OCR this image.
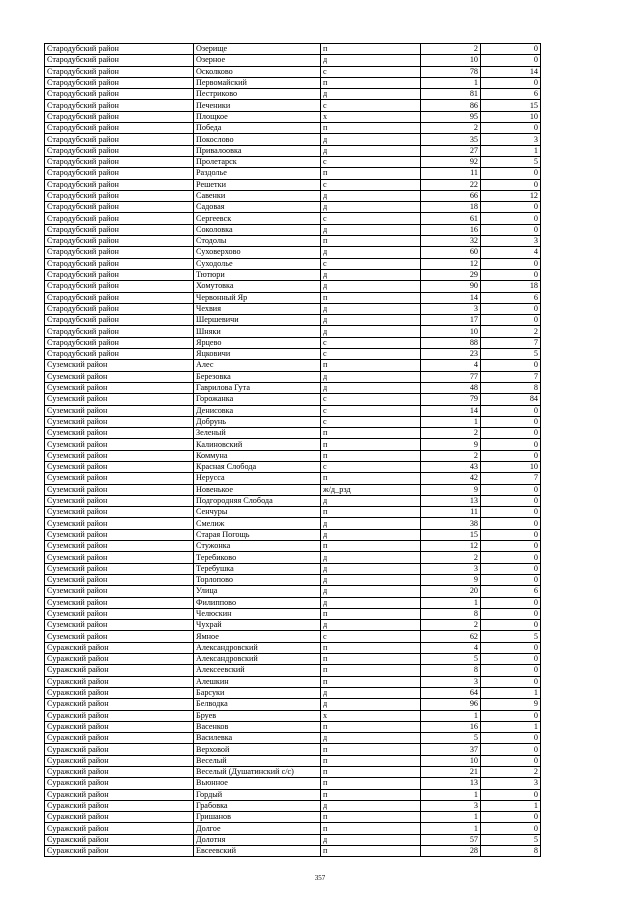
Стародубский район	Озерище	п	2	0
Стародубский район	Озерное	д	10	0
Стародубский район	Осколково	с	78	14
Стародубский район	Первомайский	п	1	0
Стародубский район	Пестриково	д	81	6
Стародубский район	Печеники	с	86	15
Стародубский район	Площкое	х	95	10
Стародубский район	Победа	п	2	0
Стародубский район	Покослово	д	35	3
Стародубский район	Привалоовка	д	27	1
Стародубский район	Пролетарск	с	92	5
Стародубский район	Раздолье	п	11	0
Стародубский район	Решетки	с	22	0
Стародубский район	Савенки	д	66	12
Стародубский район	Садовая	д	18	0
Стародубский район	Сергеевск	с	61	0
Стародубский район	Соколовка	д	16	0
Стародубский район	Стодолы	п	32	3
Стародубский район	Суховерхово	д	60	4
Стародубский район	Суходолье	с	12	0
Стародубский район	Тютюри	д	29	0
Стародубский район	Хомутовка	д	90	18
Стародубский район	Червонный Яр	п	14	6
Стародубский район	Чехвия	д	3	0
Стародубский район	Шершевичи	д	17	0
Стародубский район	Шняки	д	10	2
Стародубский район	Ярцево	с	88	7
Стародубский район	Яцковичи	с	23	5
Суземский район	Алес	п	4	0
Суземский район	Березовка	д	77	7
Суземский район	Гаврилова Гута	д	48	8
Суземский район	Горожанка	с	79	84
Суземский район	Денисовка	с	14	0
Суземский район	Добрунь	с	1	0
Суземский район	Зеленый	п	2	0
Суземский район	Калиновский	п	9	0
Суземский район	Коммуна	п	2	0
Суземский район	Красная Слобода	с	43	10
Суземский район	Нерусса	п	42	7
Суземский район	Новенькое	ж/д_рзд	9	0
Суземский район	Подгородняя Слобода	д	13	0
Суземский район	Сенчуры	п	11	0
Суземский район	Смелиж	д	38	0
Суземский район	Старая Погощь	д	15	0
Суземский район	Стужонка	п	12	0
Суземский район	Теребиково	д	2	0
Суземский район	Теребушка	д	3	0
Суземский район	Торлопово	д	9	0
Суземский район	Улица	д	20	6
Суземский район	Филиппово	д	1	0
Суземский район	Челюскин	п	8	0
Суземский район	Чухрай	д	2	0
Суземский район	Ямное	с	62	5
Суражский район	Александровский	п	4	0
Суражский район	Александровский	п	5	0
Суражский район	Алексеевский	п	8	0
Суражский район	Алешкин	п	3	0
Суражский район	Барсуки	д	64	1
Суражский район	Белводка	д	96	9
Суражский район	Бруев	х	1	0
Суражский район	Васенков	п	16	1
Суражский район	Василевка	д	5	0
Суражский район	Верховой	п	37	0
Суражский район	Веселый	п	10	0
Суражский район	Веселый (Душатинский с/с)	п	21	2
Суражский район	Вьюнное	п	13	3
Суражский район	Гордый	п	1	0
Суражский район	Грабовка	д	3	1
Суражский район	Гришанов	п	1	0
Суражский район	Долгое	п	1	0
Суражский район	Долотня	д	57	5
Суражский район	Евсеевский	п	28	8
357
